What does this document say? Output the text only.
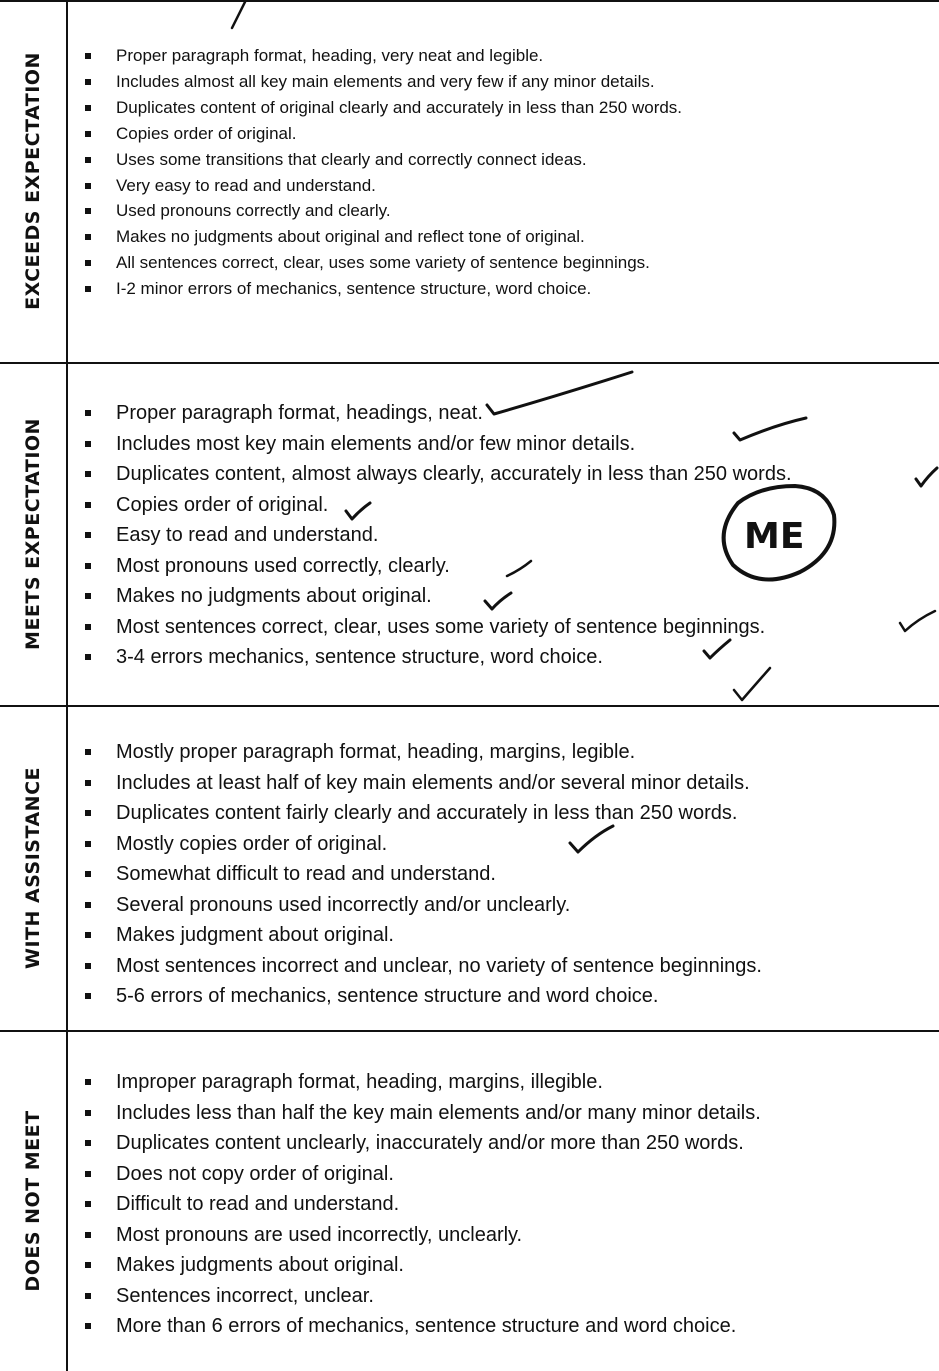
EXCEEDS EXPECTATION
MEETS EXPECTATION
WITH ASSISTANCE
DOES NOT MEET
Proper paragraph format, heading, very neat and legible.
Includes almost all key main elements and very few if any minor details.
Duplicates content of original clearly and accurately in less than 250 words.
Copies order of original.
Uses some transitions that clearly and correctly connect ideas.
Very easy to read and understand.
Used pronouns correctly and clearly.
Makes no judgments about original and reflect tone of original.
All sentences correct, clear, uses some variety of sentence beginnings.
I-2 minor errors of mechanics, sentence structure, word choice.
Proper paragraph format, headings, neat.
Includes most key main elements and/or few minor details.
Duplicates content, almost always clearly, accurately in less than 250 words.
Copies order of original.
Easy to read and understand.
Most pronouns used correctly, clearly.
Makes no judgments about original.
Most sentences correct, clear, uses some variety of sentence beginnings.
3-4 errors mechanics, sentence structure, word choice.
Mostly proper paragraph format, heading, margins, legible.
Includes at least half of key main elements and/or several minor details.
Duplicates content fairly clearly and accurately in less than 250 words.
Mostly copies order of original.
Somewhat difficult to read and understand.
Several pronouns used incorrectly and/or unclearly.
Makes judgment about original.
Most sentences incorrect and unclear, no variety of sentence beginnings.
5-6 errors of mechanics, sentence structure and word choice.
Improper paragraph format, heading, margins, illegible.
Includes less than half the key main elements and/or many minor details.
Duplicates content unclearly, inaccurately and/or more than 250 words.
Does not copy order of original.
Difficult to read and understand.
Most pronouns are used incorrectly, unclearly.
Makes judgments about original.
Sentences incorrect, unclear.
More than 6 errors of mechanics, sentence structure and word choice.
ME
